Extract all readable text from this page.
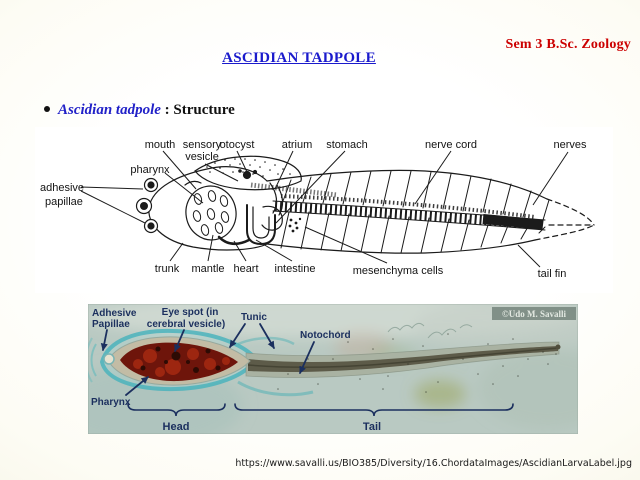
Sem 3 B.Sc. Zoology
ASCIDIAN TADPOLE
Ascidian tadpole : Structure
mouth sensory
vesicle
otocyst atrium stomach	nerve cord	nerves
adhesive
papillae
pharynx
trunk mantle heart intestine	mesenchyma cells	tail fin
Adhesive
Papillae
Eye spot (in
cerebral vesicle)
Tunic
Notochord
Pharynx
Head	Tail
©Udo M. Savalli
https://www.savalli.us/BIO385/Diversity/16.ChordataImages/AscidianLarvaLabel.jpg
